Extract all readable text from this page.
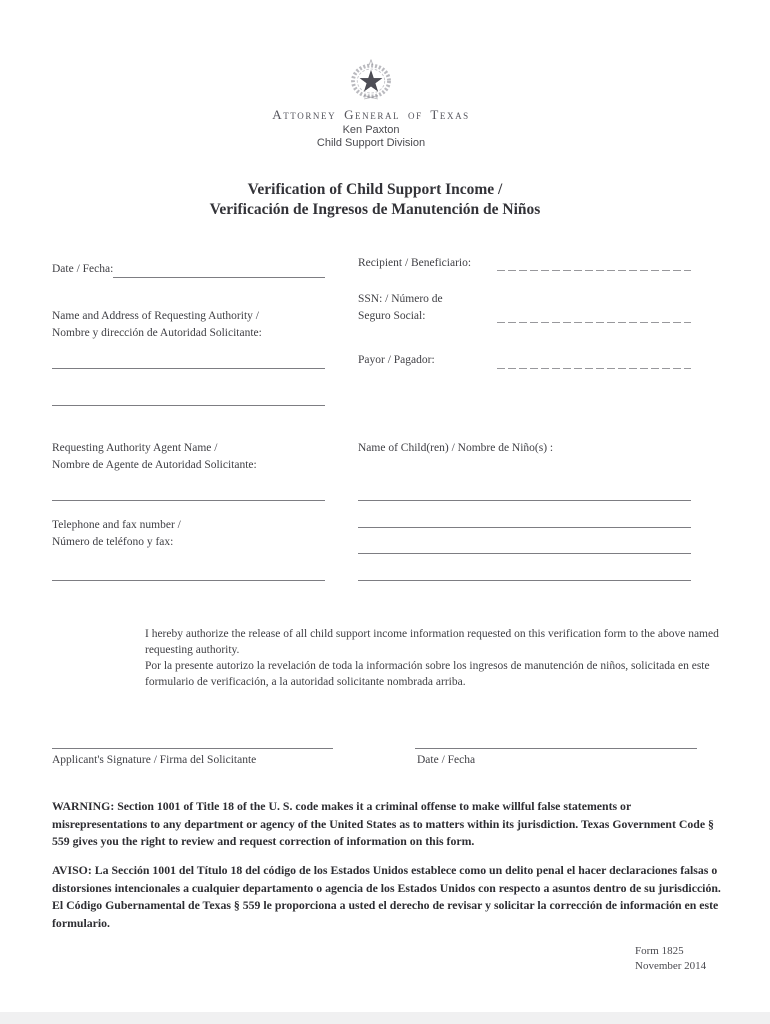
Attorney General of Texas
Ken Paxton
Child Support Division
Verification of Child Support Income /
Verificación de Ingresos de Manutención de Niños
Date / Fecha:	Recipient / Beneficiario:
SSN: / Número de
Seguro Social:
Name and Address of Requesting Authority /
Nombre y dirección de Autoridad Solicitante:
Payor / Pagador:
Requesting Authority Agent Name /
Nombre de Agente de Autoridad Solicitante:
Name of Child(ren) / Nombre de Niño(s) :
Telephone and fax number /
Número de teléfono y fax:
I hereby authorize the release of all child support income information requested on this verification form to the above named requesting authority.
Por la presente autorizo la revelación de toda la información sobre los ingresos de manutención de niños, solicitada en este formulario de verificación, a la autoridad solicitante nombrada arriba.
Applicant's Signature / Firma del Solicitante	Date / Fecha
WARNING: Section 1001 of Title 18 of the U. S. code makes it a criminal offense to make willful false statements or misrepresentations to any department or agency of the United States as to matters within its jurisdiction. Texas Government Code § 559 gives you the right to review and request correction of information on this form.
AVISO: La Sección 1001 del Título 18 del código de los Estados Unidos establece como un delito penal el hacer declaraciones falsas o distorsiones intencionales a cualquier departamento o agencia de los Estados Unidos con respecto a asuntos dentro de su jurisdicción. El Código Gubernamental de Texas § 559 le proporciona a usted el derecho de revisar y solicitar la corrección de información en este formulario.
Form 1825
November 2014
